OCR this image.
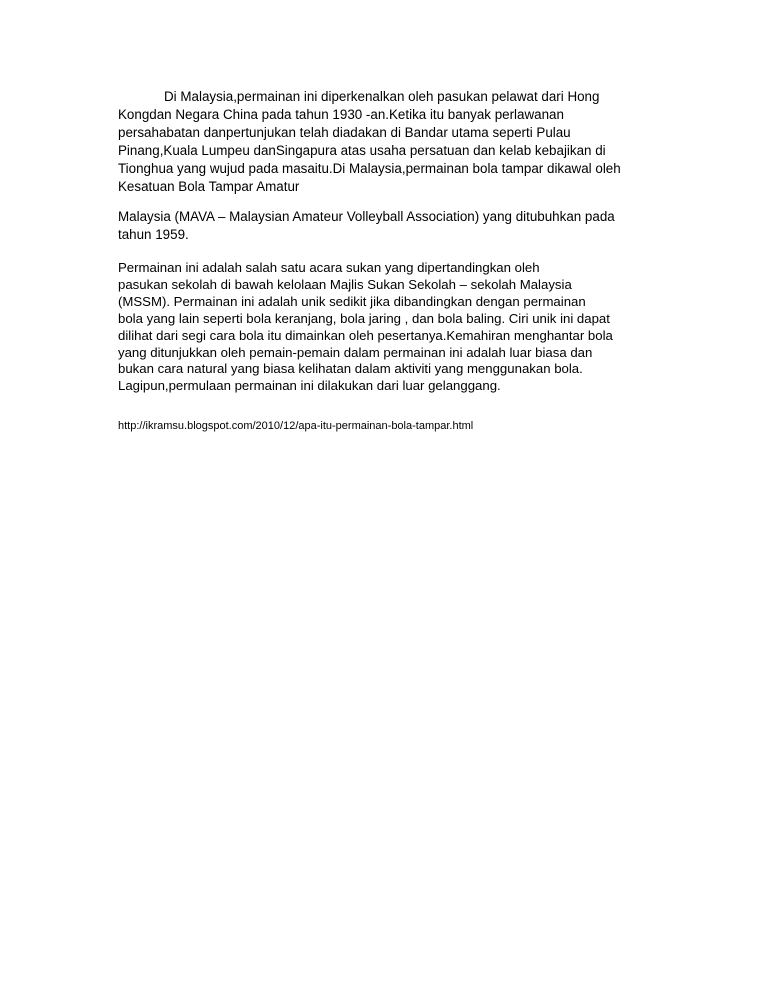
Di Malaysia,permainan ini diperkenalkan oleh pasukan pelawat dari Hong
Kongdan Negara China pada tahun 1930 -an.Ketika itu banyak perlawanan
persahabatan danpertunjukan telah diadakan di Bandar utama seperti Pulau
Pinang,Kuala Lumpeu danSingapura atas usaha persatuan dan kelab kebajikan di
Tionghua yang wujud pada masaitu.Di Malaysia,permainan bola tampar dikawal oleh
Kesatuan Bola Tampar Amatur
Malaysia (MAVA – Malaysian Amateur Volleyball Association) yang ditubuhkan pada
tahun 1959.
Permainan ini adalah salah satu acara sukan yang dipertandingkan oleh
pasukan sekolah di bawah kelolaan Majlis Sukan Sekolah – sekolah Malaysia
(MSSM). Permainan ini adalah unik sedikit jika dibandingkan dengan permainan
bola yang lain seperti bola keranjang, bola jaring , dan bola baling. Ciri unik ini dapat
dilihat dari segi cara bola itu dimainkan oleh pesertanya.Kemahiran menghantar bola
yang ditunjukkan oleh pemain-pemain dalam permainan ini adalah luar biasa dan
bukan cara natural yang biasa kelihatan dalam aktiviti yang menggunakan bola.
Lagipun,permulaan permainan ini dilakukan dari luar gelanggang.
http://ikramsu.blogspot.com/2010/12/apa-itu-permainan-bola-tampar.html
